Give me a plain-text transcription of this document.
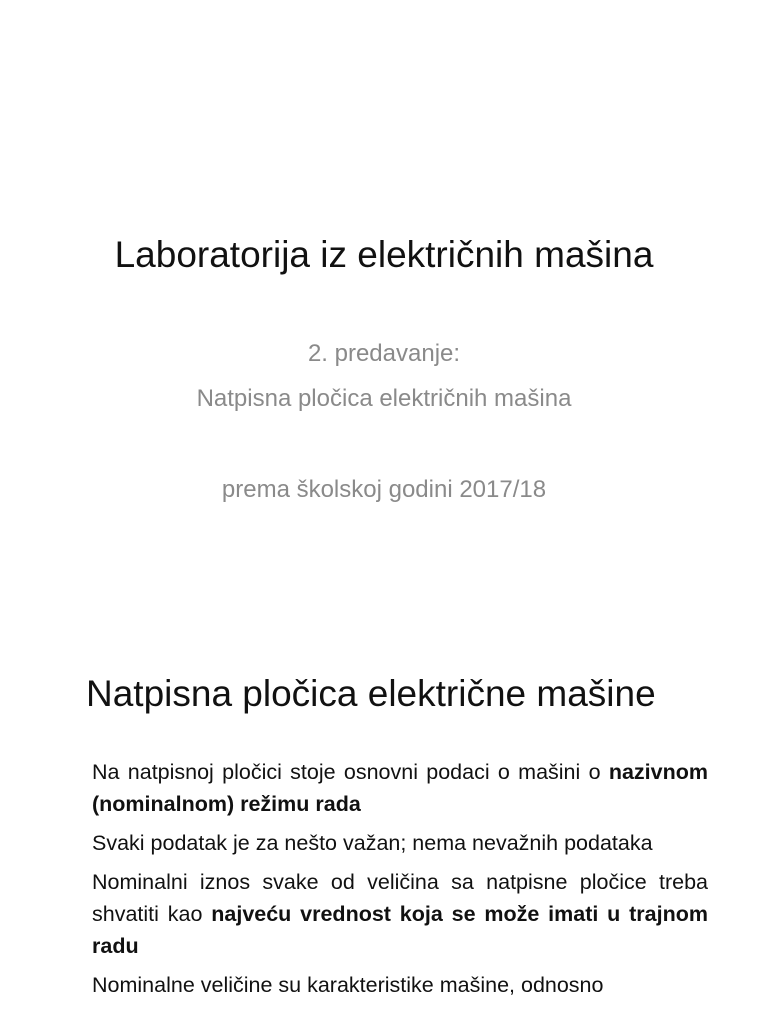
Laboratorija iz električnih mašina
2. predavanje:
Natpisna pločica električnih mašina
prema školskoj godini 2017/18
Natpisna pločica električne mašine

Na natpisnoj pločici stoje osnovni podaci o mašini o nazivnom (nominalnom) režimu rada

Svaki podatak je za nešto važan; nema nevažnih podataka

Nominalni iznos svake od veličina sa natpisne pločice treba shvatiti kao najveću vrednost koja se može imati u trajnom radu

Nominalne veličine su karakteristike mašine, odnosno
